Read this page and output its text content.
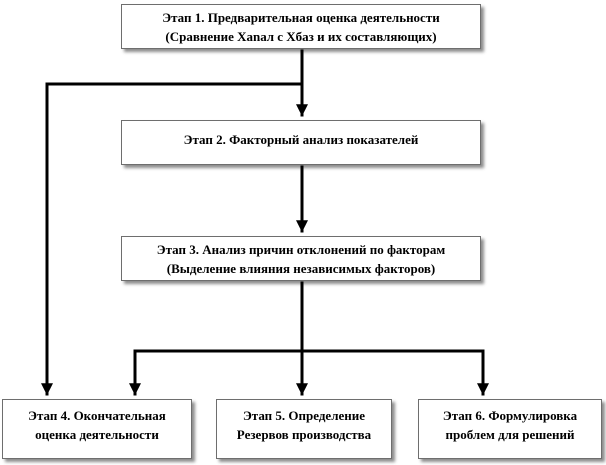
Этап 1. Предварительная оценка деятельности
(Сравнение Хanaл с Xбаз и их составляющих)
Этап 2. Факторный анализ показателей
Этап 3. Анализ причин отклонений по факторам
(Выделение влияния независимых факторов)
Этап 4. Окончательная
оценка деятельности
Этап 5. Определение
Резервов производства
Этап 6. Формулировка
проблем для решений
